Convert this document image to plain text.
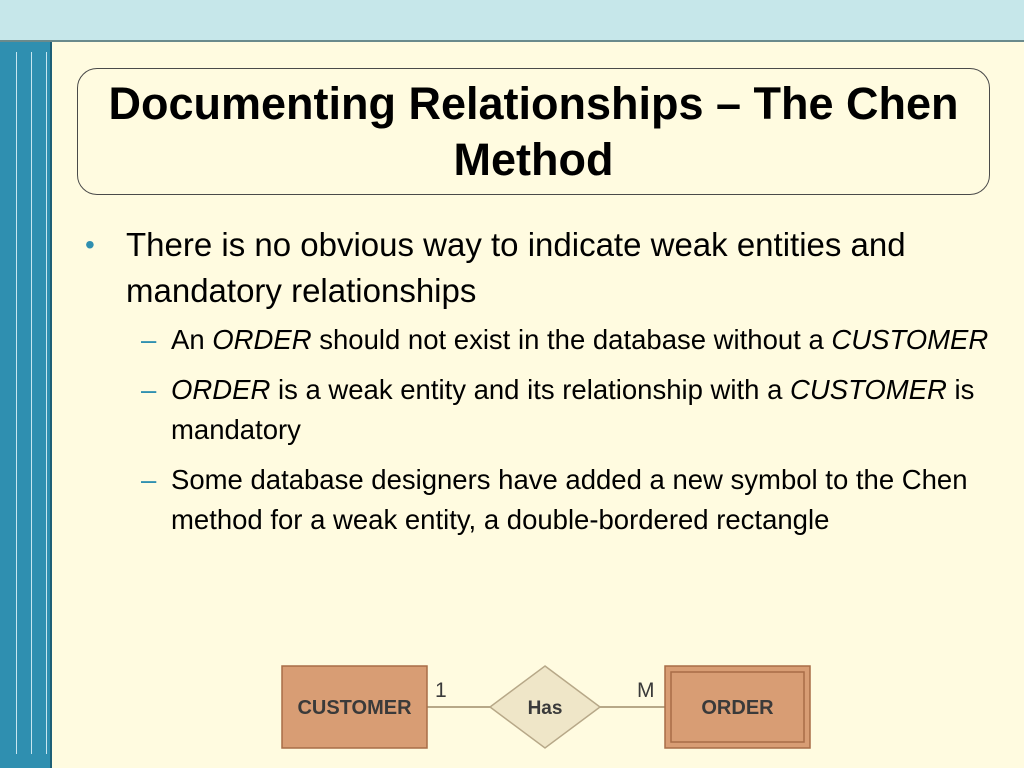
Documenting Relationships – The Chen Method
• There is no obvious way to indicate weak entities and mandatory relationships
– An ORDER should not exist in the database without a CUSTOMER
– ORDER is a weak entity and its relationship with a CUSTOMER is mandatory
– Some database designers have added a new symbol to the Chen method for a weak entity, a double-bordered rectangle
CUSTOMER	Has	ORDER
1	M
